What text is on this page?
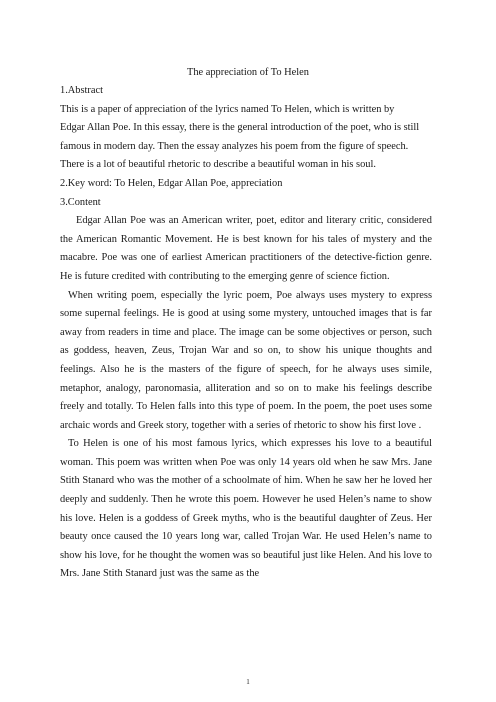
The appreciation of To Helen

1.Abstract

This is a paper of appreciation of the lyrics named To Helen, which is written by

Edgar Allan Poe. In this essay, there is the general introduction of the poet, who is still

famous in modern day. Then the essay analyzes his poem from the figure of speech.

There is a lot of beautiful rhetoric to describe a beautiful woman in his soul.

2.Key word: To Helen, Edgar Allan Poe, appreciation

3.Content

Edgar Allan Poe was an American writer, poet, editor and literary critic, considered the American Romantic Movement. He is best known for his tales of mystery and the macabre. Poe was one of earliest American practitioners of the detective-fiction genre. He is future credited with contributing to the emerging genre of science fiction.

When writing poem, especially the lyric poem, Poe always uses mystery to express some supernal feelings. He is good at using some mystery, untouched images that is far away from readers in time and place. The image can be some objectives or person, such as goddess, heaven, Zeus, Trojan War and so on, to show his unique thoughts and feelings. Also he is the masters of the figure of speech, for he always uses simile, metaphor, analogy, paronomasia, alliteration and so on to make his feelings describe freely and totally. To Helen falls into this type of poem. In the poem, the poet uses some archaic words and Greek story, together with a series of rhetoric to show his first love .

To Helen is one of his most famous lyrics, which expresses his love to a beautiful woman. This poem was written when Poe was only 14 years old when he saw Mrs. Jane Stith Stanard who was the mother of a schoolmate of him. When he saw her he loved her deeply and suddenly. Then he wrote this poem. However he used Helen’s name to show his love. Helen is a goddess of Greek myths, who is the beautiful daughter of Zeus. Her beauty once caused the 10 years long war, called Trojan War. He used Helen’s name to show his love, for he thought the women was so beautiful just like Helen. And his love to Mrs. Jane Stith Stanard just was the same as the

1
